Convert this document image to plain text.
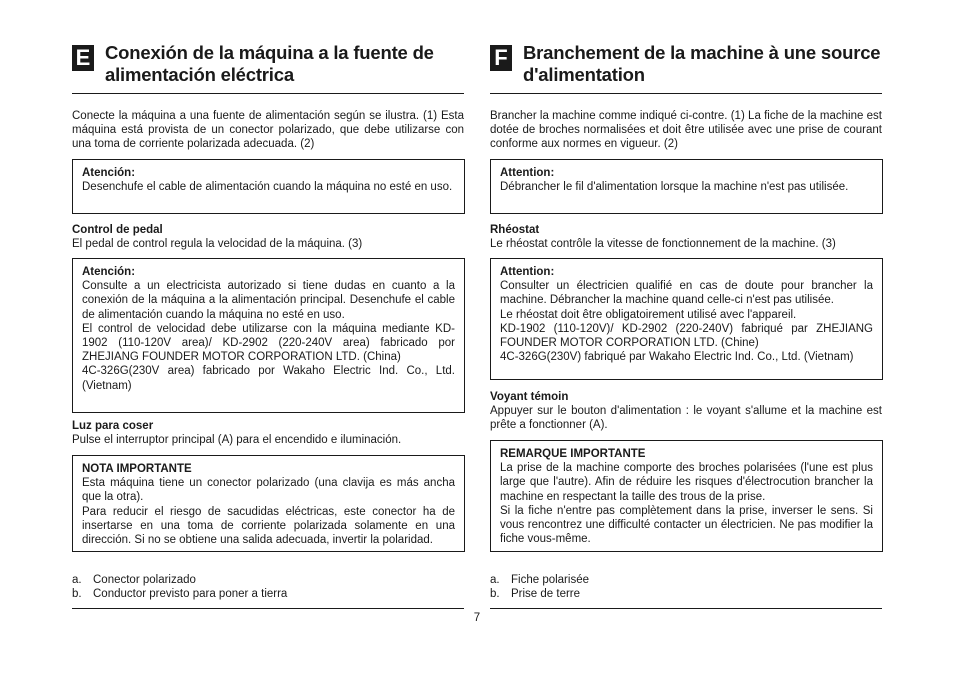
E Conexión de la máquina a la fuente de alimentación eléctrica
Conecte la máquina a una fuente de alimentación según se ilustra. (1) Esta máquina está provista de un conector polarizado, que debe utilizarse con una toma de corriente polarizada adecuada. (2)
Atención:
Desenchufe el cable de alimentación cuando la máquina no esté en uso.
Control de pedal
El pedal de control regula la velocidad de la máquina. (3)
Atención:
Consulte a un electricista autorizado si tiene dudas en cuanto a la conexión de la máquina a la alimentación principal. Desenchufe el cable de alimentación cuando la máquina no esté en uso.
El control de velocidad debe utilizarse con la máquina mediante KD-1902 (110-120V area)/ KD-2902 (220-240V area) fabricado por ZHEJIANG FOUNDER MOTOR CORPORATION LTD. (China)
4C-326G(230V area) fabricado por Wakaho Electric Ind. Co., Ltd. (Vietnam)
Luz para coser
Pulse el interruptor principal (A) para el encendido e iluminación.
NOTA IMPORTANTE
Esta máquina tiene un conector polarizado (una clavija es más ancha que la otra).
Para reducir el riesgo de sacudidas eléctricas, este conector ha de insertarse en una toma de corriente polarizada solamente en una dirección. Si no se obtiene una salida adecuada, invertir la polaridad.
a. Conector polarizado
b. Conductor previsto para poner a tierra
F Branchement de la machine à une source d'alimentation
Brancher la machine comme indiqué ci-contre. (1) La fiche de la machine est dotée de broches normalisées et doit être utilisée avec une prise de courant conforme aux normes en vigueur. (2)
Attention:
Débrancher le fil d'alimentation lorsque la machine n'est pas utilisée.
Rhéostat
Le rhéostat contrôle la vitesse de fonctionnement de la machine. (3)
Attention:
Consulter un électricien qualifié en cas de doute pour brancher la machine. Débrancher la machine quand celle-ci n'est pas utilisée.
Le rhéostat doit être obligatoirement utilisé avec l'appareil.
KD-1902 (110-120V)/ KD-2902 (220-240V) fabriqué par ZHEJIANG FOUNDER MOTOR CORPORATION LTD. (Chine)
4C-326G(230V) fabriqué par Wakaho Electric Ind. Co., Ltd. (Vietnam)
Voyant témoin
Appuyer sur le bouton d'alimentation : le voyant s'allume et la machine est prête a fonctionner (A).
REMARQUE IMPORTANTE
La prise de la machine comporte des broches polarisées (l'une est plus large que l'autre). Afin de réduire les risques d'électrocution brancher la machine en respectant la taille des trous de la prise.
Si la fiche n'entre pas complètement dans la prise, inverser le sens. Si vous rencontrez une difficulté contacter un électricien. Ne pas modifier la fiche vous-même.
a. Fiche polarisée
b. Prise de terre
7
